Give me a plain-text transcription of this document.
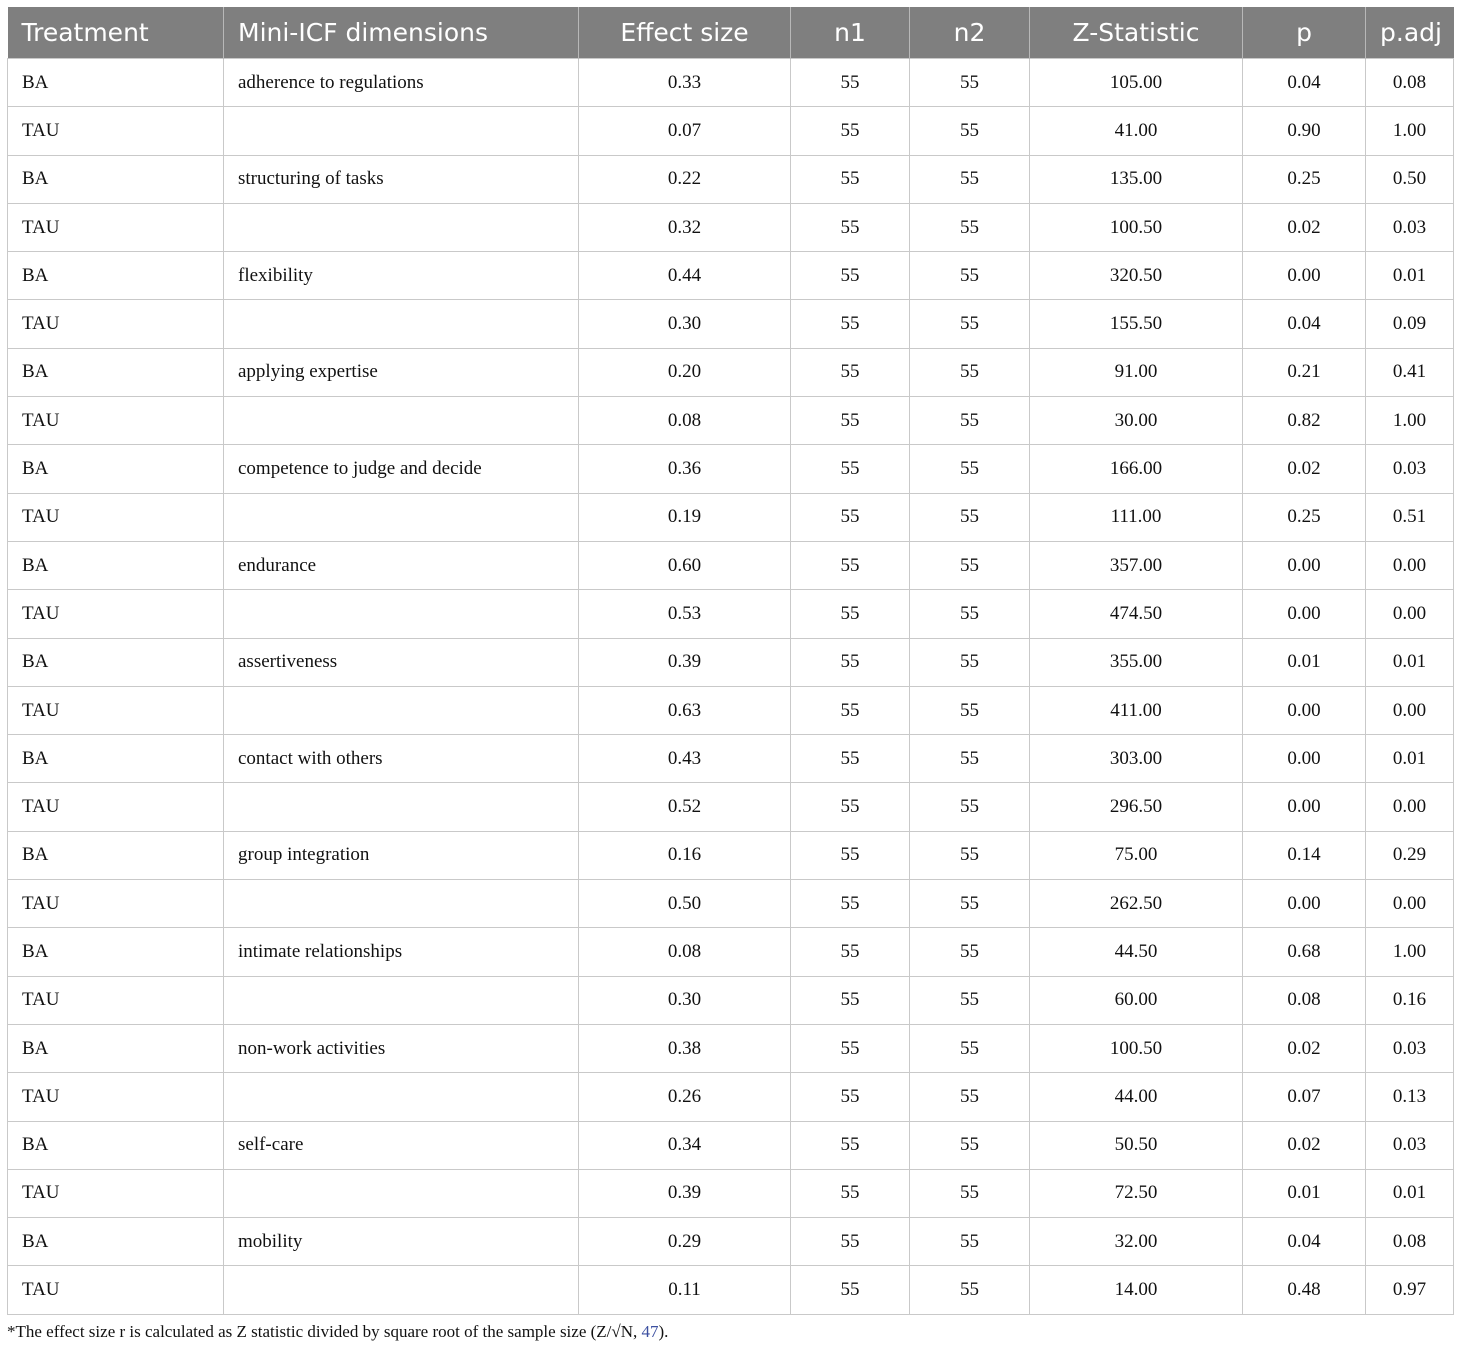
Treatment	Mini-ICF dimensions	Effect size	n1	n2	Z-Statistic	p	p.adj
BA	adherence to regulations	0.33	55	55	105.00	0.04	0.08
TAU		0.07	55	55	41.00	0.90	1.00
BA	structuring of tasks	0.22	55	55	135.00	0.25	0.50
TAU		0.32	55	55	100.50	0.02	0.03
BA	flexibility	0.44	55	55	320.50	0.00	0.01
TAU		0.30	55	55	155.50	0.04	0.09
BA	applying expertise	0.20	55	55	91.00	0.21	0.41
TAU		0.08	55	55	30.00	0.82	1.00
BA	competence to judge and decide	0.36	55	55	166.00	0.02	0.03
TAU		0.19	55	55	111.00	0.25	0.51
BA	endurance	0.60	55	55	357.00	0.00	0.00
TAU		0.53	55	55	474.50	0.00	0.00
BA	assertiveness	0.39	55	55	355.00	0.01	0.01
TAU		0.63	55	55	411.00	0.00	0.00
BA	contact with others	0.43	55	55	303.00	0.00	0.01
TAU		0.52	55	55	296.50	0.00	0.00
BA	group integration	0.16	55	55	75.00	0.14	0.29
TAU		0.50	55	55	262.50	0.00	0.00
BA	intimate relationships	0.08	55	55	44.50	0.68	1.00
TAU		0.30	55	55	60.00	0.08	0.16
BA	non-work activities	0.38	55	55	100.50	0.02	0.03
TAU		0.26	55	55	44.00	0.07	0.13
BA	self-care	0.34	55	55	50.50	0.02	0.03
TAU		0.39	55	55	72.50	0.01	0.01
BA	mobility	0.29	55	55	32.00	0.04	0.08
TAU		0.11	55	55	14.00	0.48	0.97
*The effect size r is calculated as Z statistic divided by square root of the sample size (Z/√N, 47).
